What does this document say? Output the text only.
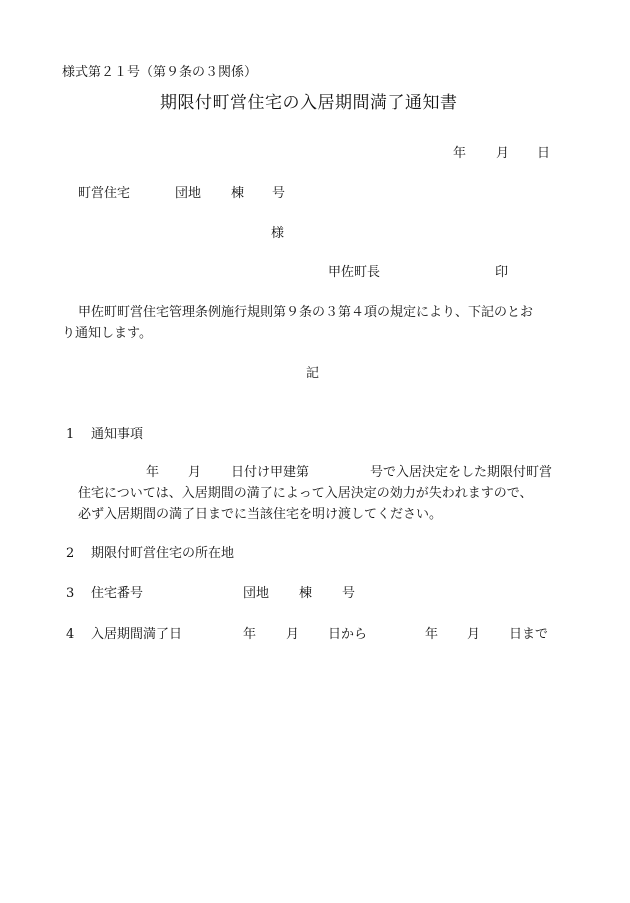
様式第２１号（第９条の３関係）
期限付町営住宅の入居期間満了通知書
年 月 日
町営住宅	団地 棟 号
様
甲佐町長	印
甲佐町町営住宅管理条例施行規則第９条の３第４項の規定により、下記のとお
り通知します。
記
1 通知事項
年 月 日付け甲建第	号で入居決定をした期限付町営
住宅については、入居期間の満了によって入居決定の効力が失われますので、
必ず入居期間の満了日までに当該住宅を明け渡してください。
2 期限付町営住宅の所在地
3 住宅番号	団地 棟 号
4 入居期間満了日	年 月 日から	年 月 日まで
